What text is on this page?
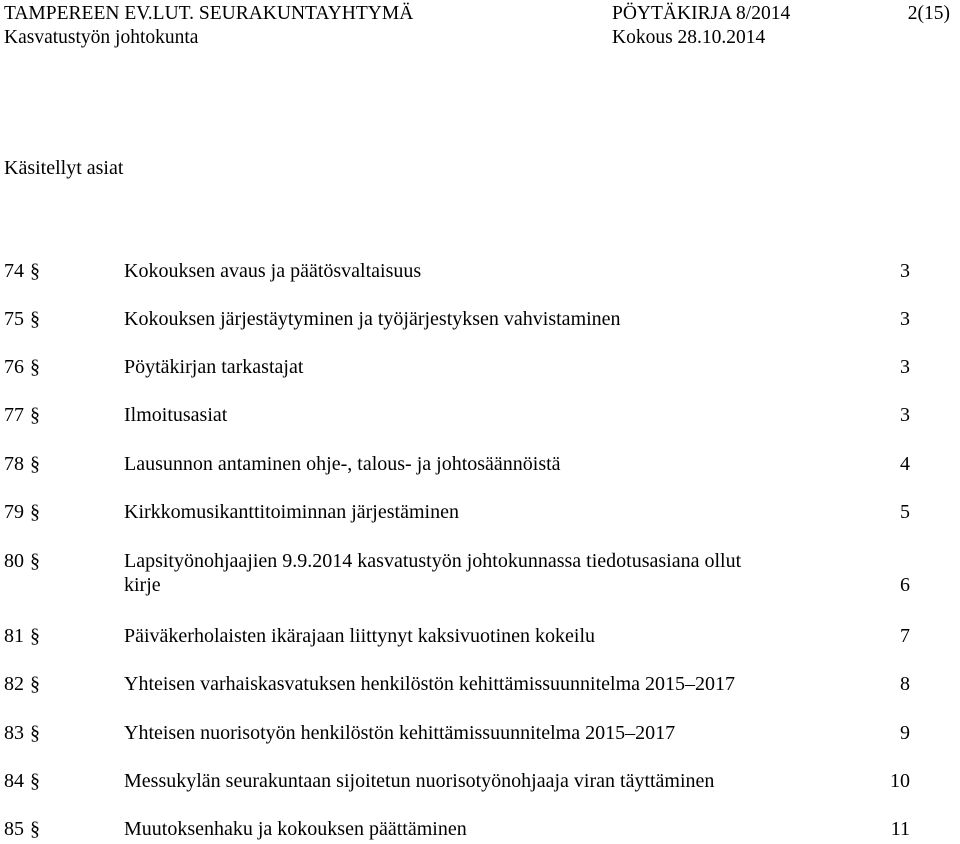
TAMPEREEN EV.LUT. SEURAKUNTAYHTYMÄ	PÖYTÄKIRJA 8/2014	2(15)
Kasvatustyön johtokunta	Kokous 28.10.2014
Käsitellyt asiat
74 §	Kokouksen avaus ja päätösvaltaisuus	3
75 §	Kokouksen järjestäytyminen ja työjärjestyksen vahvistaminen	3
76 §	Pöytäkirjan tarkastajat	3
77 §	Ilmoitusasiat	3
78 §	Lausunnon antaminen ohje-, talous- ja johtosäännöistä	4
79 §	Kirkkomusikanttitoiminnan järjestäminen	5
80 §	Lapsityönohjaajien 9.9.2014 kasvatustyön johtokunnassa tiedotusasiana ollut
kirje	6
81 §	Päiväkerholaisten ikärajaan liittynyt kaksivuotinen kokeilu	7
82 §	Yhteisen varhaiskasvatuksen henkilöstön kehittämissuunnitelma 2015–2017	8
83 §	Yhteisen nuorisotyön henkilöstön kehittämissuunnitelma 2015–2017	9
84 §	Messukylän seurakuntaan sijoitetun nuorisotyönohjaaja viran täyttäminen	10
85 §	Muutoksenhaku ja kokouksen päättäminen	11
